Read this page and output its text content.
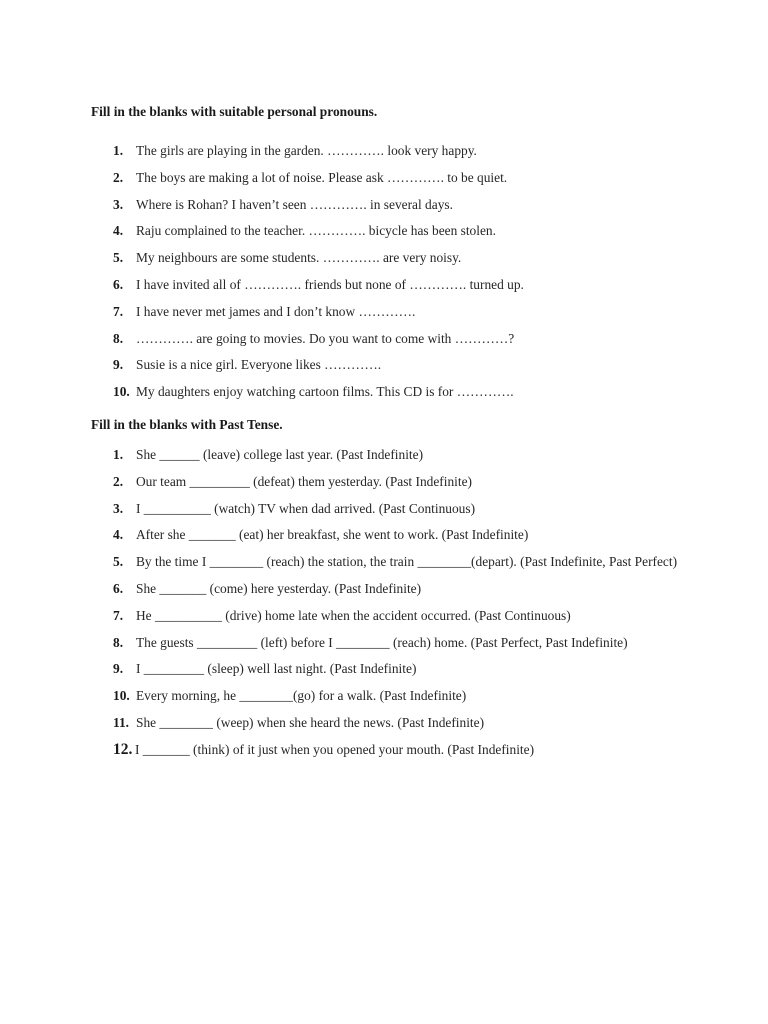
Fill in the blanks with suitable personal pronouns.
1. The girls are playing in the garden. …………. look very happy.
2. The boys are making a lot of noise. Please ask …………. to be quiet.
3. Where is Rohan? I haven’t seen …………. in several days.
4. Raju complained to the teacher. …………. bicycle has been stolen.
5. My neighbours are some students. …………. are very noisy.
6. I have invited all of …………. friends but none of …………. turned up.
7. I have never met james and I don’t know ………….
8. …………. are going to movies. Do you want to come with …………?
9. Susie is a nice girl. Everyone likes ………….
10. My daughters enjoy watching cartoon films. This CD is for ………….
Fill in the blanks with Past Tense.
1. She ______ (leave) college last year. (Past Indefinite)
2. Our team _________ (defeat) them yesterday. (Past Indefinite)
3. I __________ (watch) TV when dad arrived. (Past Continuous)
4. After she _______ (eat) her breakfast, she went to work. (Past Indefinite)
5. By the time I ________ (reach) the station, the train ________(depart). (Past Indefinite, Past Perfect)
6. She _______ (come) here yesterday. (Past Indefinite)
7. He __________ (drive) home late when the accident occurred. (Past Continuous)
8. The guests _________ (left) before I ________ (reach) home. (Past Perfect, Past Indefinite)
9. I _________ (sleep) well last night. (Past Indefinite)
10. Every morning, he ________(go) for a walk. (Past Indefinite)
11. She ________ (weep) when she heard the news. (Past Indefinite)
12. I _______ (think) of it just when you opened your mouth. (Past Indefinite)
